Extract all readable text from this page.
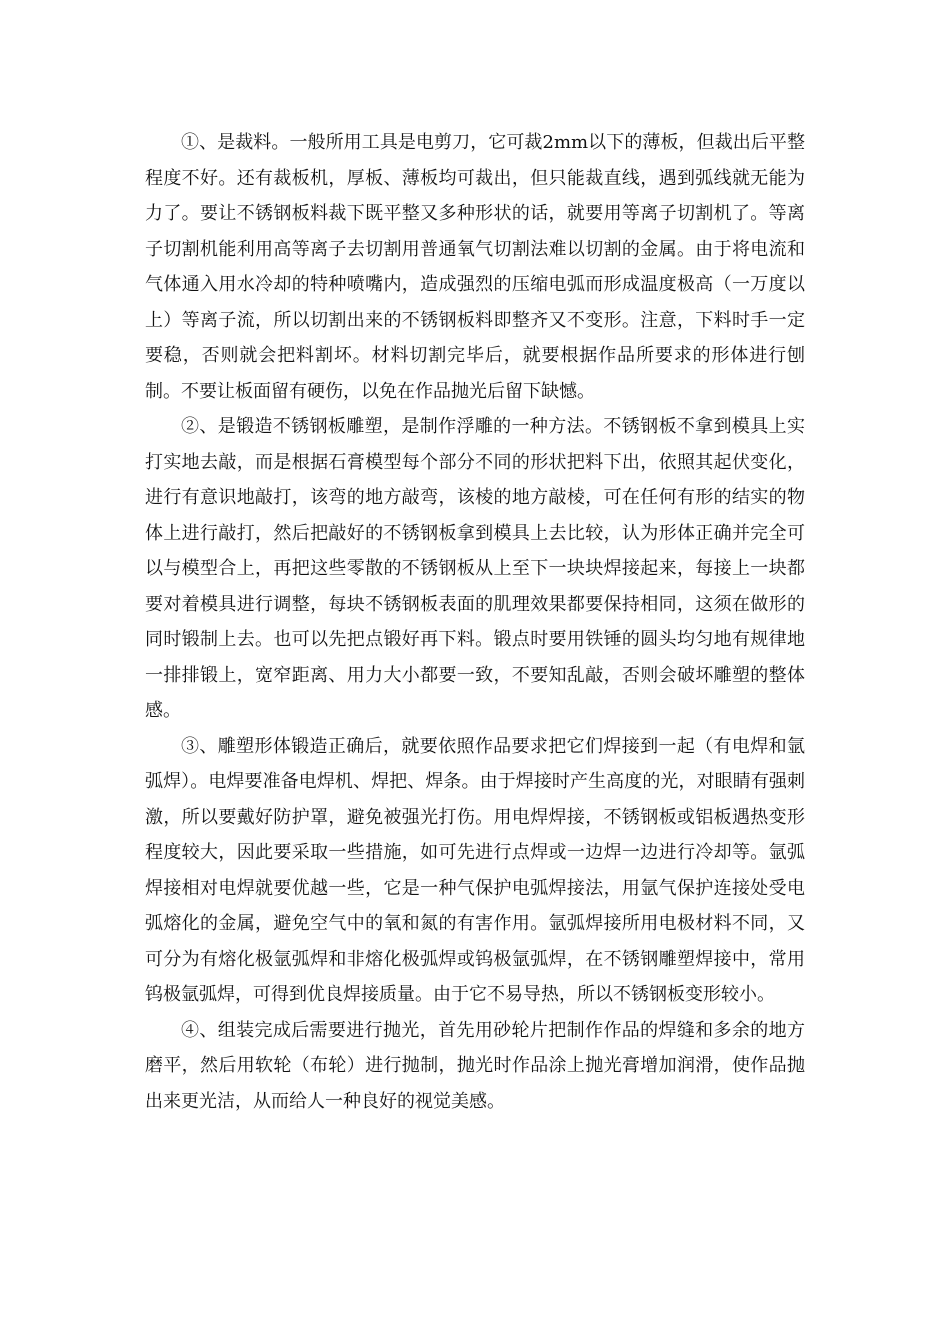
①、是裁料。一般所用工具是电剪刀，它可裁2mm以下的薄板，但裁出后平整程度不好。还有裁板机，厚板、薄板均可裁出，但只能裁直线，遇到弧线就无能为力了。要让不锈钢板料裁下既平整又多种形状的话，就要用等离子切割机了。等离子切割机能利用高等离子去切割用普通氧气切割法难以切割的金属。由于将电流和气体通入用水冷却的特种喷嘴内，造成强烈的压缩电弧而形成温度极高（一万度以上）等离子流，所以切割出来的不锈钢板料即整齐又不变形。注意，下料时手一定要稳，否则就会把料割坏。材料切割完毕后，就要根据作品所要求的形体进行刨制。不要让板面留有硬伤，以免在作品抛光后留下缺憾。

②、是锻造不锈钢板雕塑，是制作浮雕的一种方法。不锈钢板不拿到模具上实打实地去敲，而是根据石膏模型每个部分不同的形状把料下出，依照其起伏变化，进行有意识地敲打，该弯的地方敲弯，该棱的地方敲棱，可在任何有形的结实的物体上进行敲打，然后把敲好的不锈钢板拿到模具上去比较，认为形体正确并完全可以与模型合上，再把这些零散的不锈钢板从上至下一块块焊接起来，每接上一块都要对着模具进行调整，每块不锈钢板表面的肌理效果都要保持相同，这须在做形的同时锻制上去。也可以先把点锻好再下料。锻点时要用铁锤的圆头均匀地有规律地一排排锻上，宽窄距离、用力大小都要一致，不要知乱敲，否则会破坏雕塑的整体感。

③、雕塑形体锻造正确后，就要依照作品要求把它们焊接到一起（有电焊和氩弧焊）。电焊要准备电焊机、焊把、焊条。由于焊接时产生高度的光，对眼睛有强刺激，所以要戴好防护罩，避免被强光打伤。用电焊焊接，不锈钢板或铝板遇热变形程度较大，因此要采取一些措施，如可先进行点焊或一边焊一边进行冷却等。氩弧焊接相对电焊就要优越一些，它是一种气保护电弧焊接法，用氩气保护连接处受电弧熔化的金属，避免空气中的氧和氮的有害作用。氩弧焊接所用电极材料不同，又可分为有熔化极氩弧焊和非熔化极弧焊或钨极氩弧焊，在不锈钢雕塑焊接中，常用钨极氩弧焊，可得到优良焊接质量。由于它不易导热，所以不锈钢板变形较小。

④、组装完成后需要进行抛光，首先用砂轮片把制作作品的焊缝和多余的地方磨平，然后用软轮（布轮）进行抛制，抛光时作品涂上抛光膏增加润滑，使作品抛出来更光洁，从而给人一种良好的视觉美感。
